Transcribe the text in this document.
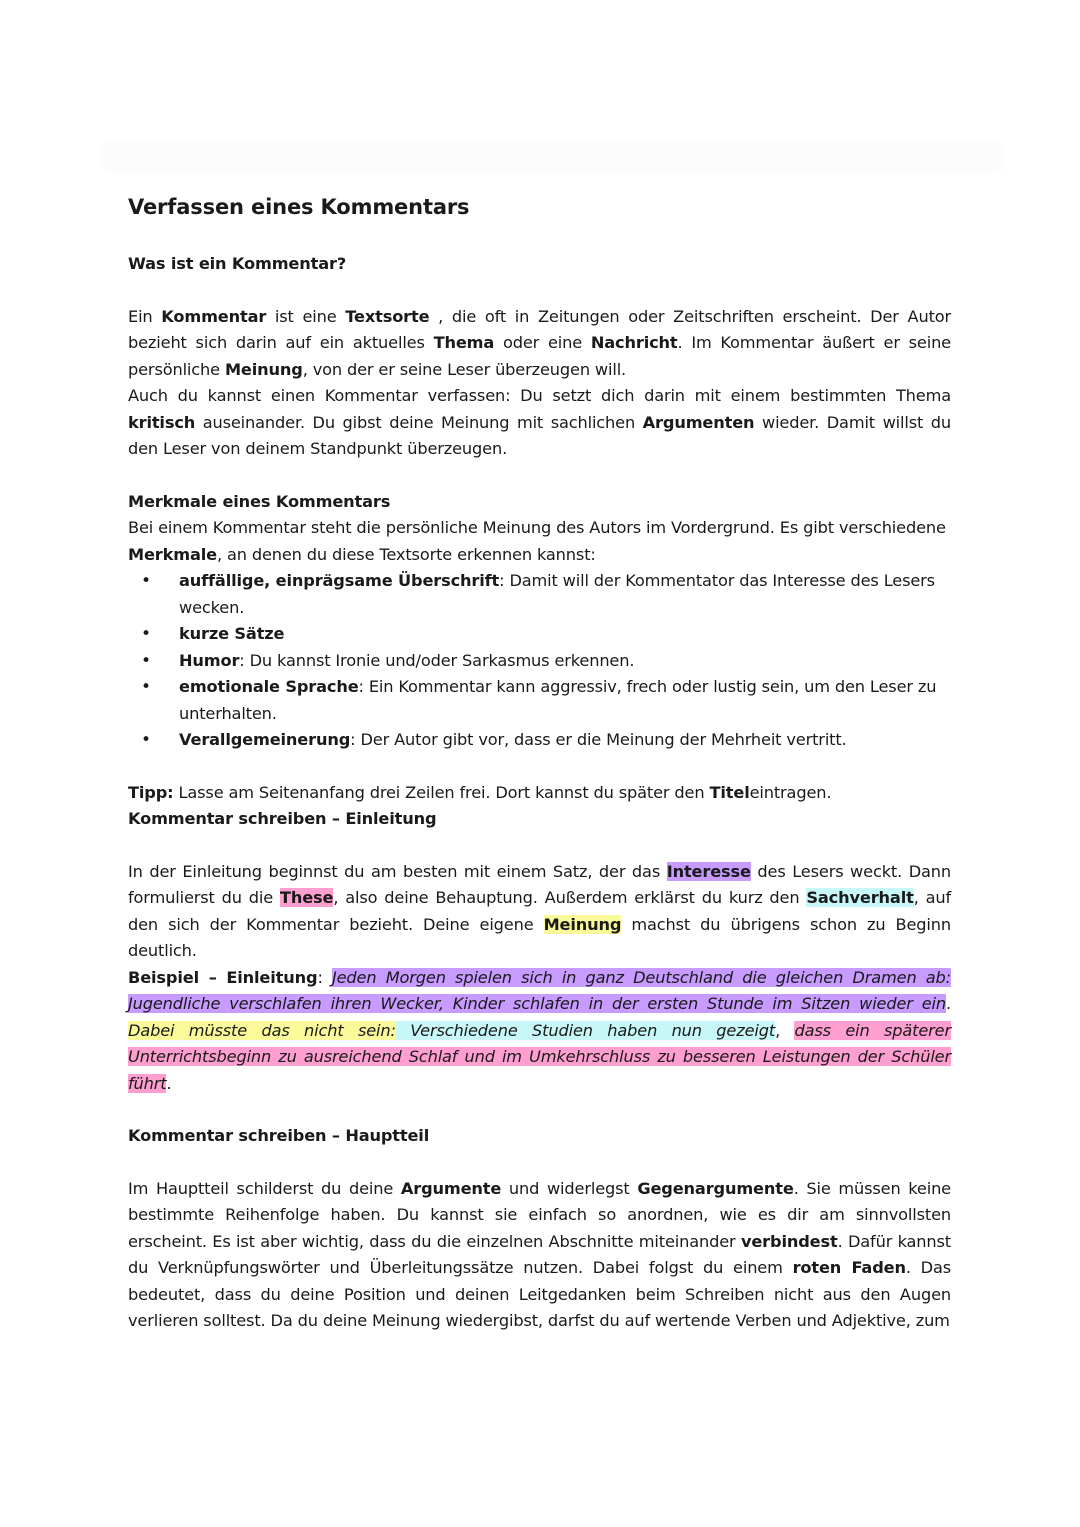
Verfassen eines Kommentars

Was ist ein Kommentar?

Ein Kommentar ist eine Textsorte , die oft in Zeitungen oder Zeitschriften erscheint. Der Autor bezieht sich darin auf ein aktuelles Thema oder eine Nachricht. Im Kommentar äußert er seine persönliche Meinung, von der er seine Leser überzeugen will.

Auch du kannst einen Kommentar verfassen: Du setzt dich darin mit einem bestimmten Thema kritisch auseinander. Du gibst deine Meinung mit sachlichen Argumenten wieder. Damit willst du den Leser von deinem Standpunkt überzeugen.

Merkmale eines Kommentars

Bei einem Kommentar steht die persönliche Meinung des Autors im Vordergrund. Es gibt verschiedene Merkmale, an denen du diese Textsorte erkennen kannst:

• auffällige, einprägsame Überschrift: Damit will der Kommentator das Interesse des Lesers wecken.
• kurze Sätze
• Humor: Du kannst Ironie und/oder Sarkasmus erkennen.
• emotionale Sprache: Ein Kommentar kann aggressiv, frech oder lustig sein, um den Leser zu unterhalten.
• Verallgemeinerung: Der Autor gibt vor, dass er die Meinung der Mehrheit vertritt.

Tipp: Lasse am Seitenanfang drei Zeilen frei. Dort kannst du später den Titeleintragen.

Kommentar schreiben – Einleitung

In der Einleitung beginnst du am besten mit einem Satz, der das Interesse des Lesers weckt. Dann formulierst du die These, also deine Behauptung. Außerdem erklärst du kurz den Sachverhalt, auf den sich der Kommentar bezieht. Deine eigene Meinung machst du übrigens schon zu Beginn deutlich.

Beispiel – Einleitung: Jeden Morgen spielen sich in ganz Deutschland die gleichen Dramen ab: Jugendliche verschlafen ihren Wecker, Kinder schlafen in der ersten Stunde im Sitzen wieder ein. Dabei müsste das nicht sein: Verschiedene Studien haben nun gezeigt, dass ein späterer Unterrichtsbeginn zu ausreichend Schlaf und im Umkehrschluss zu besseren Leistungen der Schüler führt.

Kommentar schreiben – Hauptteil

Im Hauptteil schilderst du deine Argumente und widerlegst Gegenargumente. Sie müssen keine bestimmte Reihenfolge haben. Du kannst sie einfach so anordnen, wie es dir am sinnvollsten erscheint. Es ist aber wichtig, dass du die einzelnen Abschnitte miteinander verbindest. Dafür kannst du Verknüpfungswörter und Überleitungssätze nutzen. Dabei folgst du einem roten Faden. Das bedeutet, dass du deine Position und deinen Leitgedanken beim Schreiben nicht aus den Augen verlieren solltest. Da du deine Meinung wiedergibst, darfst du auf wertende Verben und Adjektive, zum
